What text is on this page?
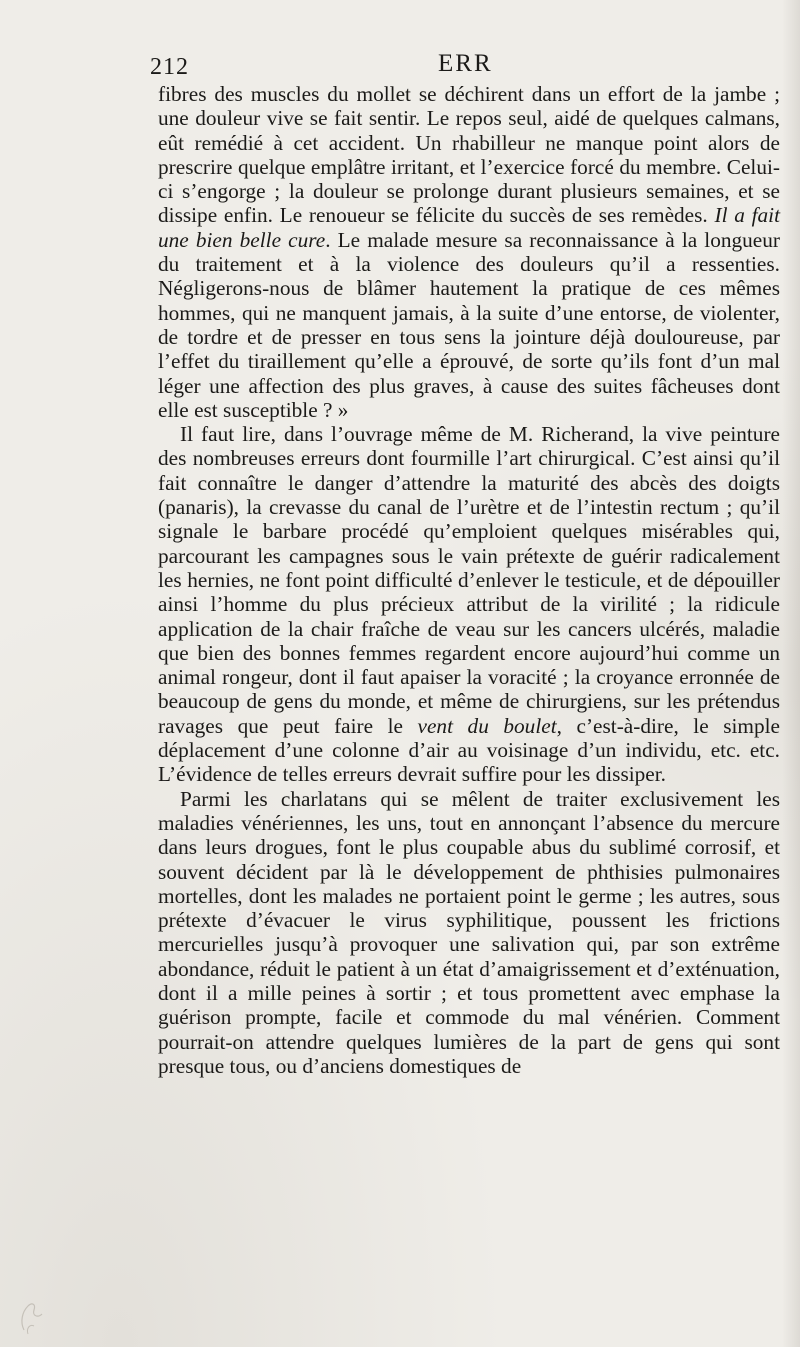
212	ERR

fibres des muscles du mollet se déchirent dans un effort de la jambe ; une douleur vive se fait sentir. Le repos seul, aidé de quelques calmans, eût remédié à cet accident. Un rhabilleur ne manque point alors de prescrire quelque emplâtre irritant, et l’exercice forcé du membre. Celui-ci s’engorge ; la douleur se prolonge durant plusieurs semaines, et se dissipe enfin. Le renoueur se félicite du succès de ses remèdes. Il a fait une bien belle cure. Le malade mesure sa reconnaissance à la longueur du traitement et à la violence des douleurs qu’il a ressenties. Négligerons-nous de blâmer hautement la pratique de ces mêmes hommes, qui ne manquent jamais, à la suite d’une entorse, de violenter, de tordre et de presser en tous sens la jointure déjà douloureuse, par l’effet du tiraillement qu’elle a éprouvé, de sorte qu’ils font d’un mal léger une affection des plus graves, à cause des suites fâcheuses dont elle est susceptible ? »

Il faut lire, dans l’ouvrage même de M. Richerand, la vive peinture des nombreuses erreurs dont fourmille l’art chirurgical. C’est ainsi qu’il fait connaître le danger d’attendre la maturité des abcès des doigts (panaris), la crevasse du canal de l’urètre et de l’intestin rectum ; qu’il signale le barbare procédé qu’emploient quelques misérables qui, parcourant les campagnes sous le vain prétexte de guérir radicalement les hernies, ne font point difficulté d’enlever le testicule, et de dépouiller ainsi l’homme du plus précieux attribut de la virilité ; la ridicule application de la chair fraîche de veau sur les cancers ulcérés, maladie que bien des bonnes femmes regardent encore aujourd’hui comme un animal rongeur, dont il faut apaiser la voracité ; la croyance erronnée de beaucoup de gens du monde, et même de chirurgiens, sur les prétendus ravages que peut faire le vent du boulet, c’est-à-dire, le simple déplacement d’une colonne d’air au voisinage d’un individu, etc. etc. L’évidence de telles erreurs devrait suffire pour les dissiper.

Parmi les charlatans qui se mêlent de traiter exclusivement les maladies vénériennes, les uns, tout en annonçant l’absence du mercure dans leurs drogues, font le plus coupable abus du sublimé corrosif, et souvent décident par là le développement de phthisies pulmonaires mortelles, dont les malades ne portaient point le germe ; les autres, sous prétexte d’évacuer le virus syphilitique, poussent les frictions mercurielles jusqu’à provoquer une salivation qui, par son extrême abondance, réduit le patient à un état d’amaigrissement et d’exténuation, dont il a mille peines à sortir ; et tous promettent avec emphase la guérison prompte, facile et commode du mal vénérien. Comment pourrait-on attendre quelques lumières de la part de gens qui sont presque tous, ou d’anciens domestiques de
